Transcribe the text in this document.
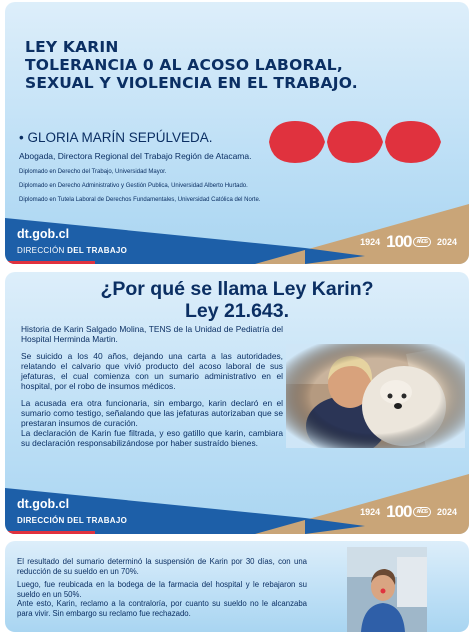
LEY KARIN
TOLERANCIA 0 AL ACOSO LABORAL,
SEXUAL Y VIOLENCIA EN EL TRABAJO.
• GLORIA MARÍN SEPÚLVEDA.
Abogada, Directora Regional del Trabajo Región de Atacama.
Diplomado en Derecho del Trabajo, Universidad Mayor.
Diplomado en Derecho Administrativo y Gestión Publica, Universidad Alberto Hurtado.
Diplomado en Tutela Laboral de Derechos Fundamentales, Universidad Católica del Norte.
dt.gob.cl
DIRECCIÓN DEL TRABAJO
1924 100	AÑOS	2024
¿Por qué se llama Ley Karin?
Ley 21.643.

Historia de Karin Salgado Molina, TENS de la Unidad de Pediatría del Hospital Herminda Martin.

Se suicido a los 40 años, dejando una carta a las autoridades, relatando el calvario que vivió producto del acoso laboral de sus jefaturas, el cual comienza con un sumario administrativo en el hospital, por el robo de insumos médicos.

La acusada era otra funcionaria, sin embargo, karin declaró en el sumario como testigo, señalando que las jefaturas autorizaban que se prestaran insumos de curación.

La declaración de Karin fue filtrada, y eso gatillo que karin, cambiara su declaración responsabilizándose por haber sustraído bienes.

dt.gob.cl
DIRECCIÓN DEL TRABAJO
1924 100	AÑOS	2024

El resultado del sumario determinó la suspensión de Karin por 30 días, con una reducción de su sueldo en un 70%.

Luego, fue reubicada en la bodega de la farmacia del hospital y le rebajaron su sueldo en un 50%.

Ante esto, Karin, reclamo a la contraloría, por cuanto su sueldo no le alcanzaba para vivir. Sin embargo su reclamo fue rechazado.
